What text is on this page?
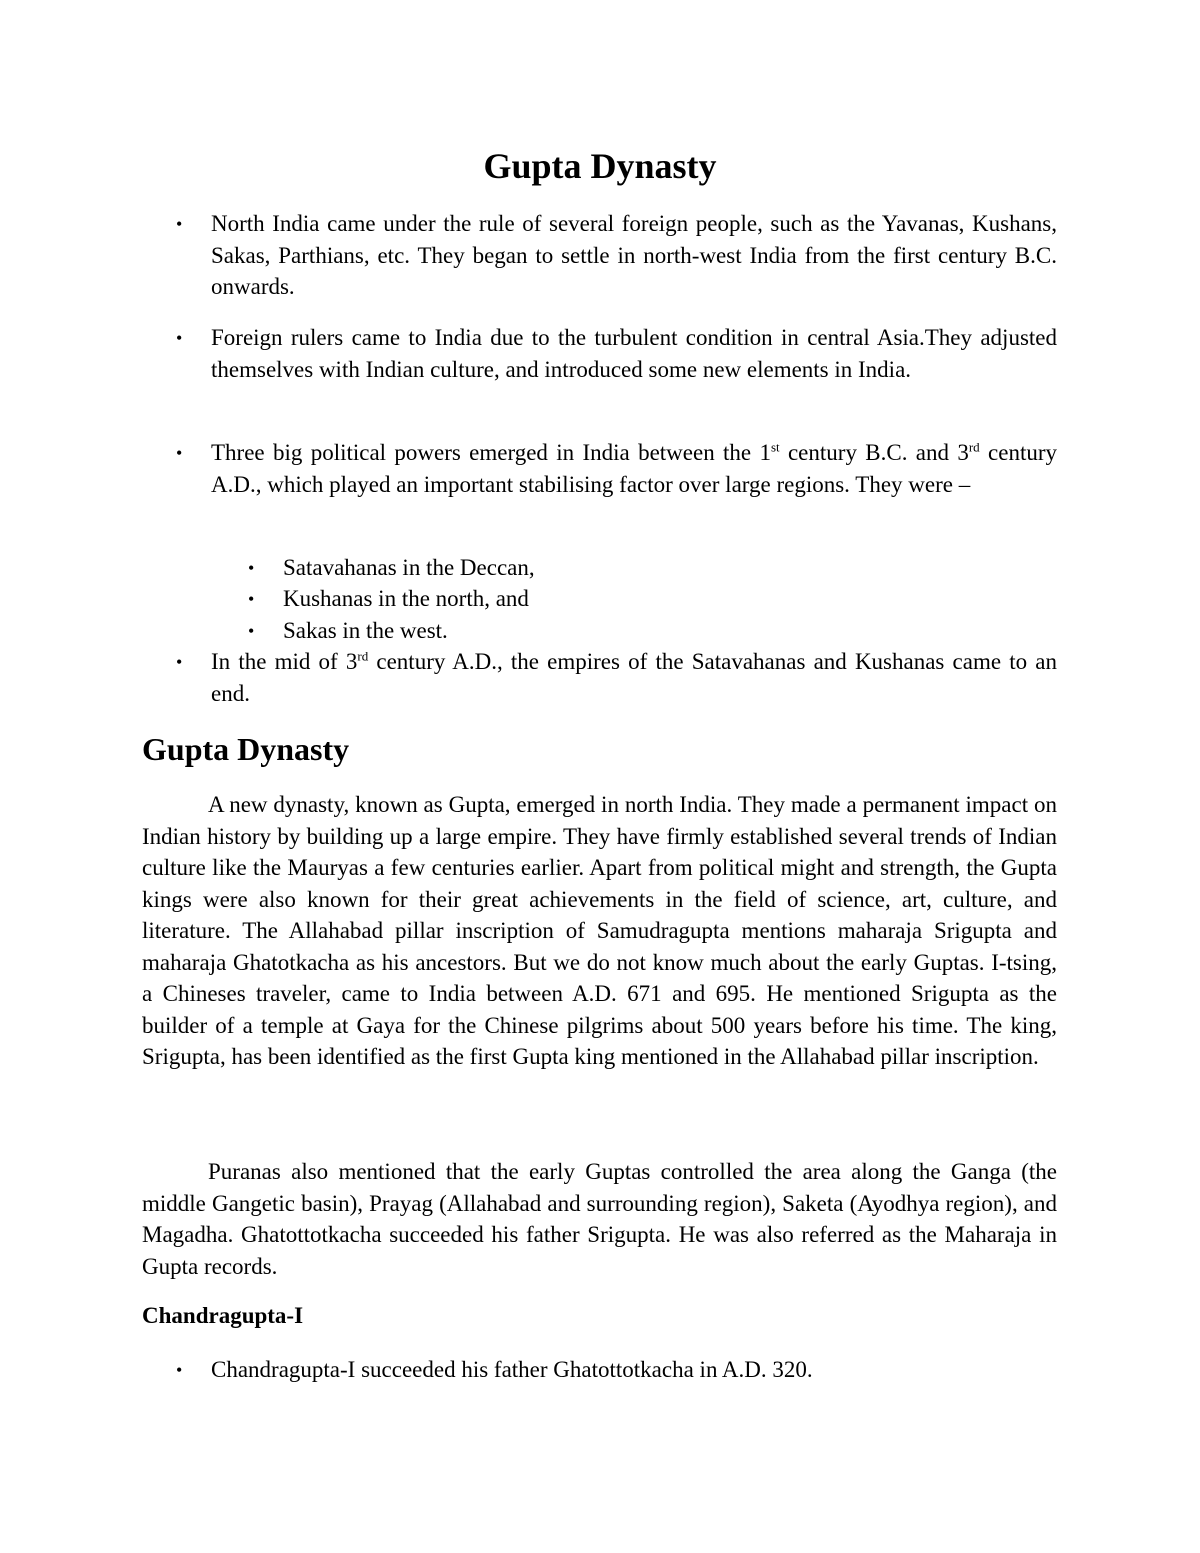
Gupta Dynasty
• North India came under the rule of several foreign people, such as the Yavanas, Kushans, Sakas, Parthians, etc. They began to settle in north-west India from the first century B.C. onwards.
• Foreign rulers came to India due to the turbulent condition in central Asia.They adjusted themselves with Indian culture, and introduced some new elements in India.
• Three big political powers emerged in India between the 1st century B.C. and 3rd century A.D., which played an important stabilising factor over large regions. They were –
• Satavahanas in the Deccan,
• Kushanas in the north, and
• Sakas in the west.
• In the mid of 3rd century A.D., the empires of the Satavahanas and Kushanas came to an end.
Gupta Dynasty
A new dynasty, known as Gupta, emerged in north India. They made a permanent impact on Indian history by building up a large empire. They have firmly established several trends of Indian culture like the Mauryas a few centuries earlier. Apart from political might and strength, the Gupta kings were also known for their great achievements in the field of science, art, culture, and literature. The Allahabad pillar inscription of Samudragupta mentions maharaja Srigupta and maharaja Ghatotkacha as his ancestors. But we do not know much about the early Guptas. I-tsing, a Chineses traveler, came to India between A.D. 671 and 695. He mentioned Srigupta as the builder of a temple at Gaya for the Chinese pilgrims about 500 years before his time. The king, Srigupta, has been identified as the first Gupta king mentioned in the Allahabad pillar inscription.
Puranas also mentioned that the early Guptas controlled the area along the Ganga (the middle Gangetic basin), Prayag (Allahabad and surrounding region), Saketa (Ayodhya region), and Magadha. Ghatottotkacha succeeded his father Srigupta. He was also referred as the Maharaja in Gupta records.
Chandragupta-I
• Chandragupta-I succeeded his father Ghatottotkacha in A.D. 320.
